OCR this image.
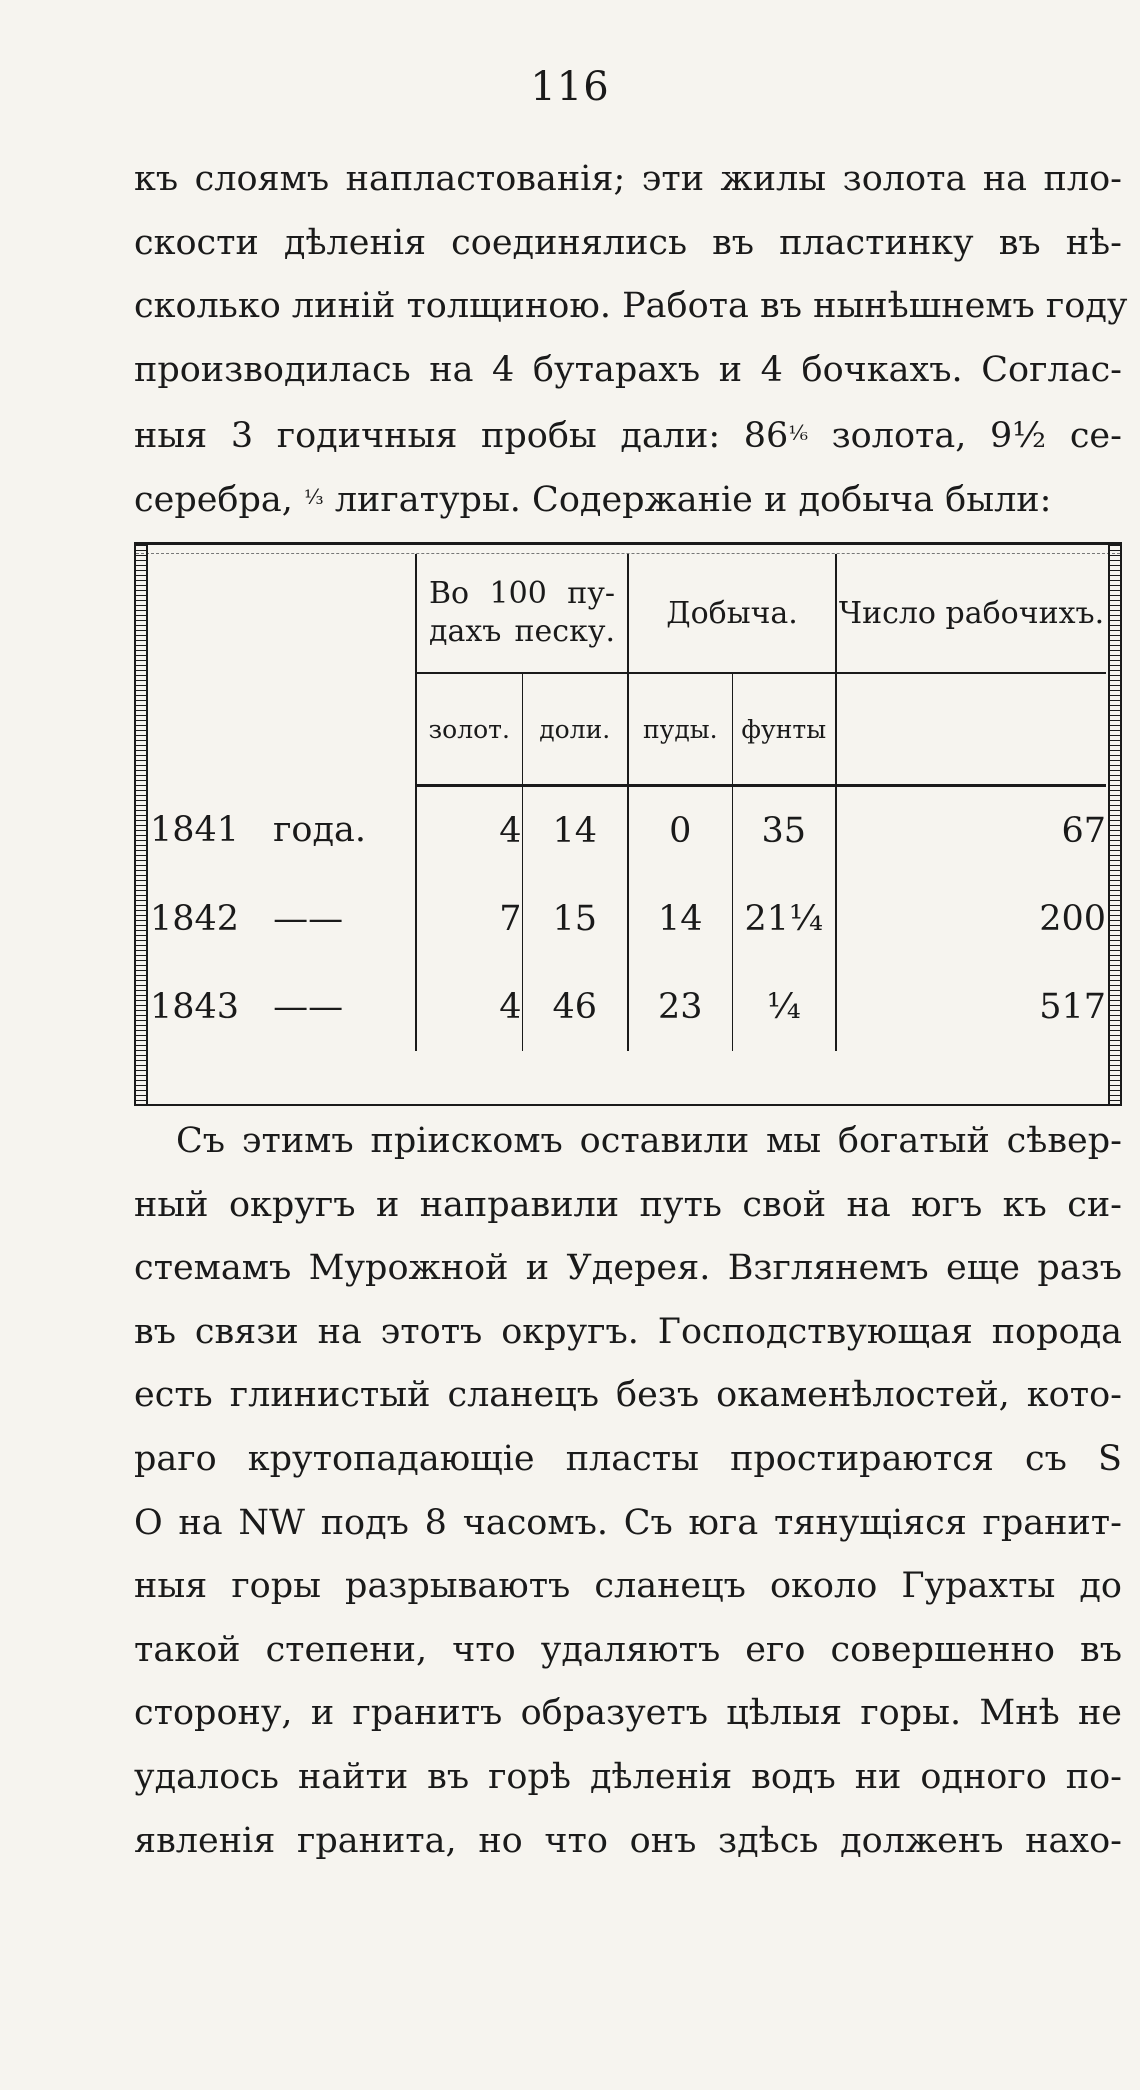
116
къ слоямъ напластованія; эти жилы золота на пло-
скости дѣленія соединялись въ пластинку въ нѣ-
сколько линій толщиною. Работа въ нынѣшнемъ году
производилась на 4 бутарахъ и 4 бочкахъ. Соглас-
ныя 3 годичныя пробы дали: $86^{^1⁄_6}$ золота, 9¹⁄₂ се-
серебра, $^{^1⁄_3}$ лигатуры. Содержаніе и добыча были:

	Во 100 пу-
дахъ песку.		Добыча.		Число рабочихъ.
	золот.	доли.	пуды.	фунты	
1841 года.	4	14	0	35	67
1842 ——	7	15	14	21¹⁄₄	200
1843 ——	4	46	23	¹⁄₄	517
Съ этимъ пріискомъ оставили мы богатый сѣвер-
ный округъ и направили путь свой на югъ къ си-
стемамъ Мурожной и Удерея. Взглянемъ еще разъ
въ связи на этотъ округъ. Господствующая порода
есть глинистый сланецъ безъ окаменѣлостей, кото-
раго крутопадающіе пласты простираются съ S
О на NW подъ 8 часомъ. Съ юга тянущіяся гранит-
ныя горы разрываютъ сланецъ около Гурахты до
такой степени, что удаляютъ его совершенно въ
сторону, и гранитъ образуетъ цѣлыя горы. Мнѣ не
удалось найти въ горѣ дѣленія водъ ни одного по-
явленія гранита, но что онъ здѣсь долженъ нахо-
